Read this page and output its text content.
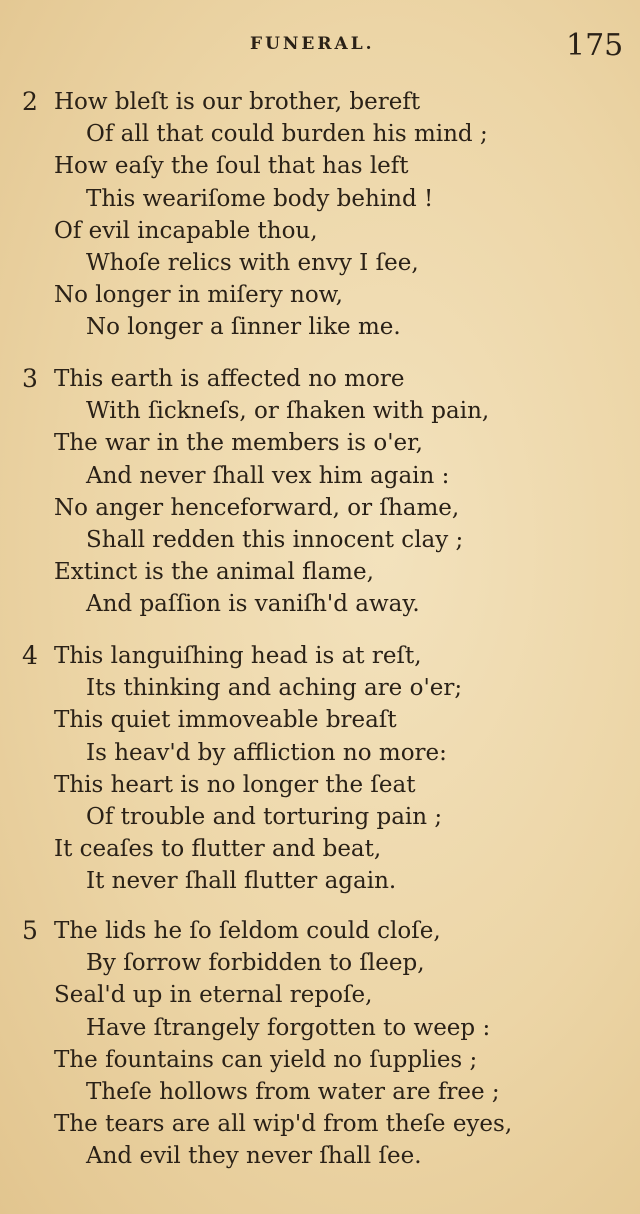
FUNERAL.	175
2 How bleſt is our brother, bereft
Of all that could burden his mind ;
How eaſy the ſoul that has left
This weariſome body behind !
Of evil incapable thou,
Whoſe relics with envy I ſee,
No longer in miſery now,
No longer a ſinner like me.
3 This earth is affected no more
With ſickneſs, or ſhaken with pain,
The war in the members is o'er,
And never ſhall vex him again :
No anger henceforward, or ſhame,
Shall redden this innocent clay ;
Extinct is the animal flame,
And paſſion is vaniſh'd away.
4 This languiſhing head is at reſt,
Its thinking and aching are o'er;
This quiet immoveable breaſt
Is heav'd by affliction no more:
This heart is no longer the ſeat
Of trouble and torturing pain ;
It ceaſes to flutter and beat,
It never ſhall flutter again.
5 The lids he ſo ſeldom could cloſe,
By ſorrow forbidden to ſleep,
Seal'd up in eternal repoſe,
Have ſtrangely forgotten to weep :
The fountains can yield no ſupplies ;
Theſe hollows from water are free ;
The tears are all wip'd from theſe eyes,
And evil they never ſhall ſee.
